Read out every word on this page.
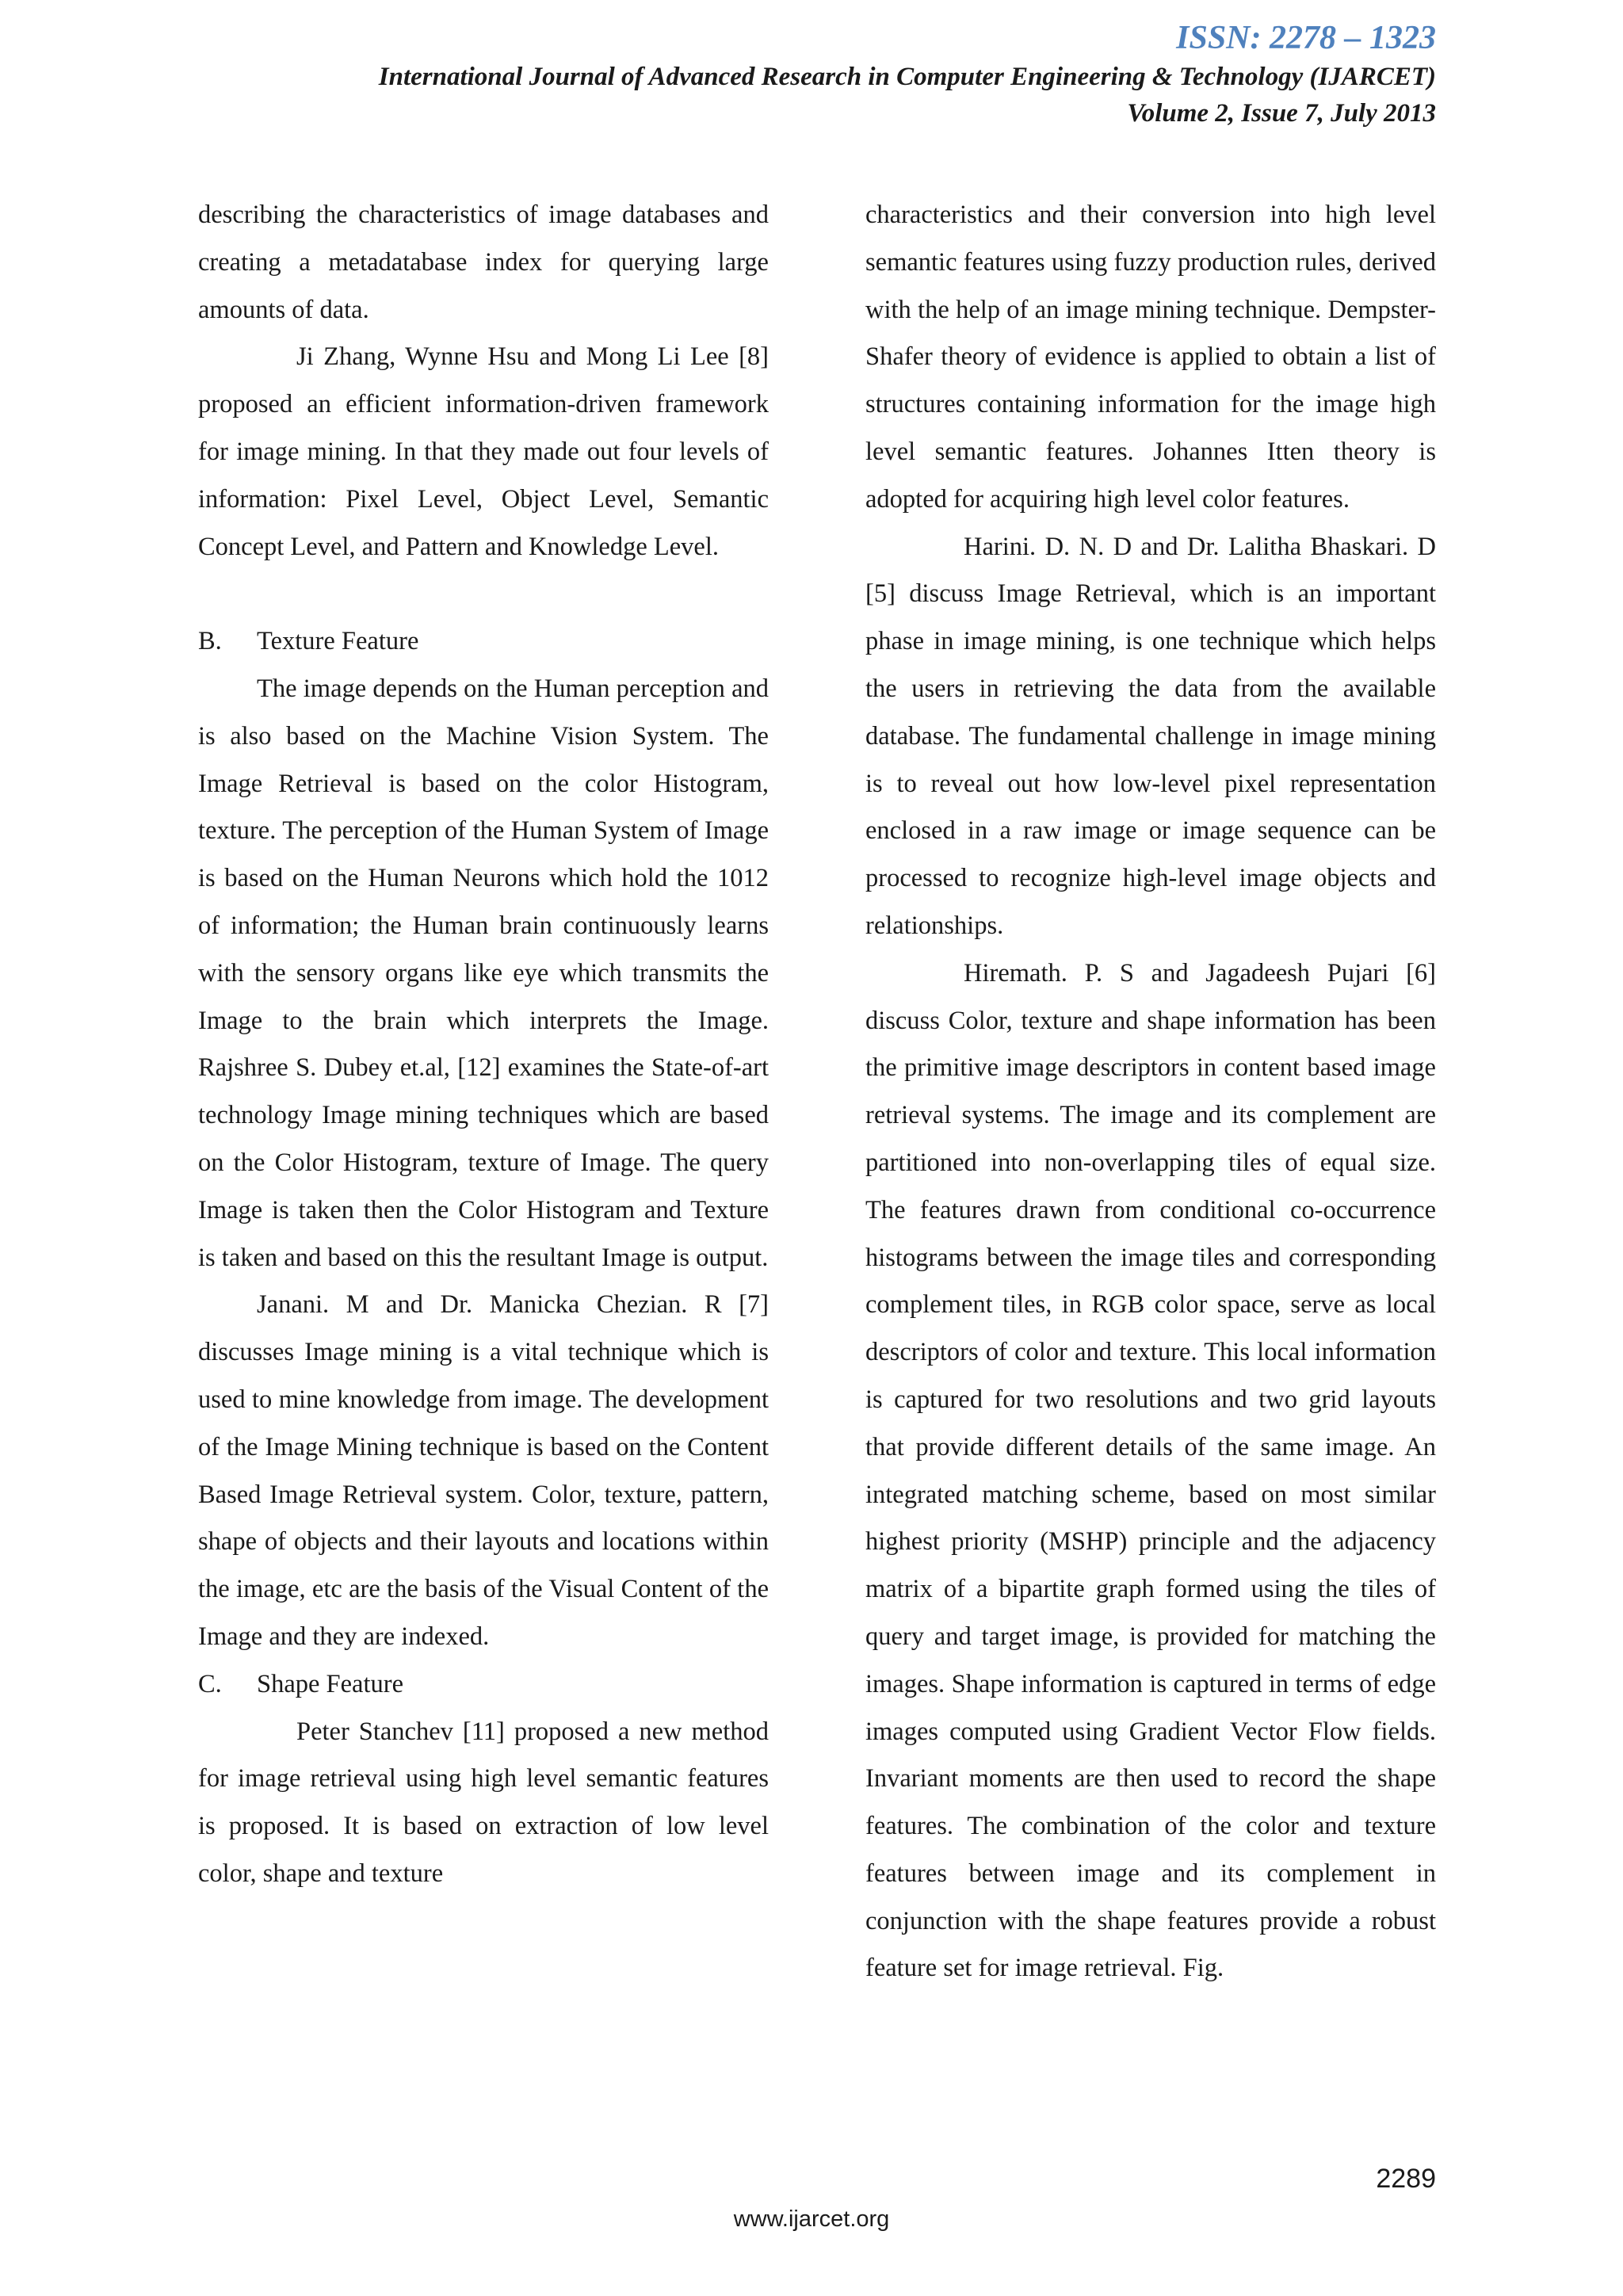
ISSN: 2278 – 1323
International Journal of Advanced Research in Computer Engineering & Technology (IJARCET)
Volume 2, Issue 7, July 2013

describing the characteristics of image databases and creating a metadatabase index for querying large amounts of data.

Ji Zhang, Wynne Hsu and Mong Li Lee [8] proposed an efficient information-driven framework for image mining. In that they made out four levels of information: Pixel Level, Object Level, Semantic Concept Level, and Pattern and Knowledge Level.

B.	Texture Feature

The image depends on the Human perception and is also based on the Machine Vision System. The Image Retrieval is based on the color Histogram, texture. The perception of the Human System of Image is based on the Human Neurons which hold the 1012 of information; the Human brain continuously learns with the sensory organs like eye which transmits the Image to the brain which interprets the Image. Rajshree S. Dubey et.al, [12] examines the State-of-art technology Image mining techniques which are based on the Color Histogram, texture of Image. The query Image is taken then the Color Histogram and Texture is taken and based on this the resultant Image is output.

Janani. M and Dr. Manicka Chezian. R [7] discusses Image mining is a vital technique which is used to mine knowledge from image. The development of the Image Mining technique is based on the Content Based Image Retrieval system. Color, texture, pattern, shape of objects and their layouts and locations within the image, etc are the basis of the Visual Content of the Image and they are indexed.

C.	Shape Feature

Peter Stanchev [11] proposed a new method for image retrieval using high level semantic features is proposed. It is based on extraction of low level color, shape and texture

characteristics and their conversion into high level semantic features using fuzzy production rules, derived with the help of an image mining technique. Dempster- Shafer theory of evidence is applied to obtain a list of structures containing information for the image high level semantic features. Johannes Itten theory is adopted for acquiring high level color features.

Harini. D. N. D and Dr. Lalitha Bhaskari. D [5] discuss Image Retrieval, which is an important phase in image mining, is one technique which helps the users in retrieving the data from the available database. The fundamental challenge in image mining is to reveal out how low-level pixel representation enclosed in a raw image or image sequence can be processed to recognize high-level image objects and relationships.

Hiremath. P. S and Jagadeesh Pujari [6] discuss Color, texture and shape information has been the primitive image descriptors in content based image retrieval systems. The image and its complement are partitioned into non-overlapping tiles of equal size. The features drawn from conditional co-occurrence histograms between the image tiles and corresponding complement tiles, in RGB color space, serve as local descriptors of color and texture. This local information is captured for two resolutions and two grid layouts that provide different details of the same image. An integrated matching scheme, based on most similar highest priority (MSHP) principle and the adjacency matrix of a bipartite graph formed using the tiles of query and target image, is provided for matching the images. Shape information is captured in terms of edge images computed using Gradient Vector Flow fields. Invariant moments are then used to record the shape features. The combination of the color and texture features between image and its complement in conjunction with the shape features provide a robust feature set for image retrieval. Fig.

2289
www.ijarcet.org
